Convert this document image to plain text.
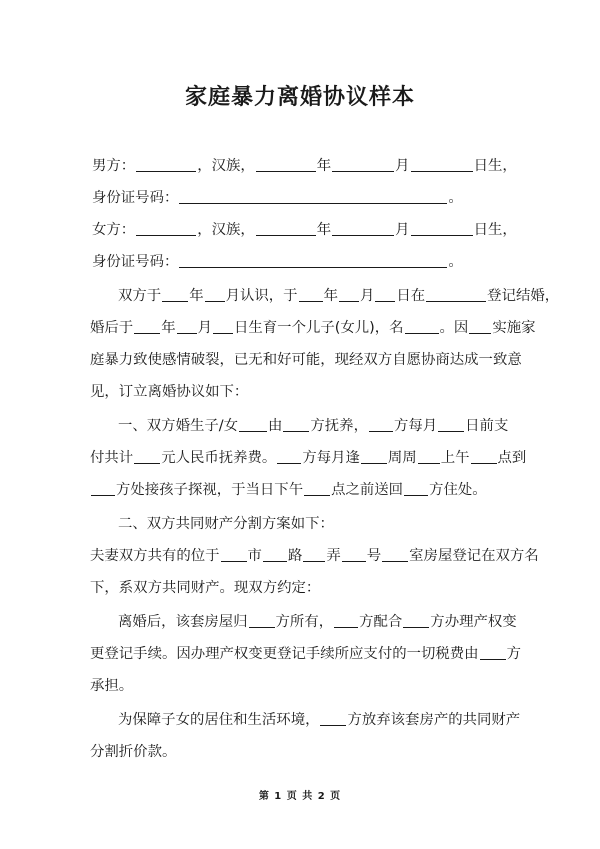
家庭暴力离婚协议样本
男方：	，汉族，	年	月	日生，
身份证号码：	。
女方：	，汉族，	年	月	日生，
身份证号码：	。
双方于 年 月认识，于 年 月 日在	登记结婚，
婚后于 年 月 日生育一个儿子(女儿)，名	。因 实施家
庭暴力致使感情破裂，已无和好可能，现经双方自愿协商达成一致意
见，订立离婚协议如下：
一、双方婚生子/女 由 方抚养， 方每月 日前支
付共计 元人民币抚养费。 方每月逢 周周 上午 点到
方处接孩子探视，于当日下午 点之前送回 方住处。
二、双方共同财产分割方案如下：
夫妻双方共有的位于 市 路 弄 号 室房屋登记在双方名
下，系双方共同财产。现双方约定：
离婚后，该套房屋归 方所有， 方配合 方办理产权变
更登记手续。因办理产权变更登记手续所应支付的一切税费由 方
承担。
为保障子女的居住和生活环境， 方放弃该套房产的共同财产
分割折价款。
第 1 页 共 2 页
